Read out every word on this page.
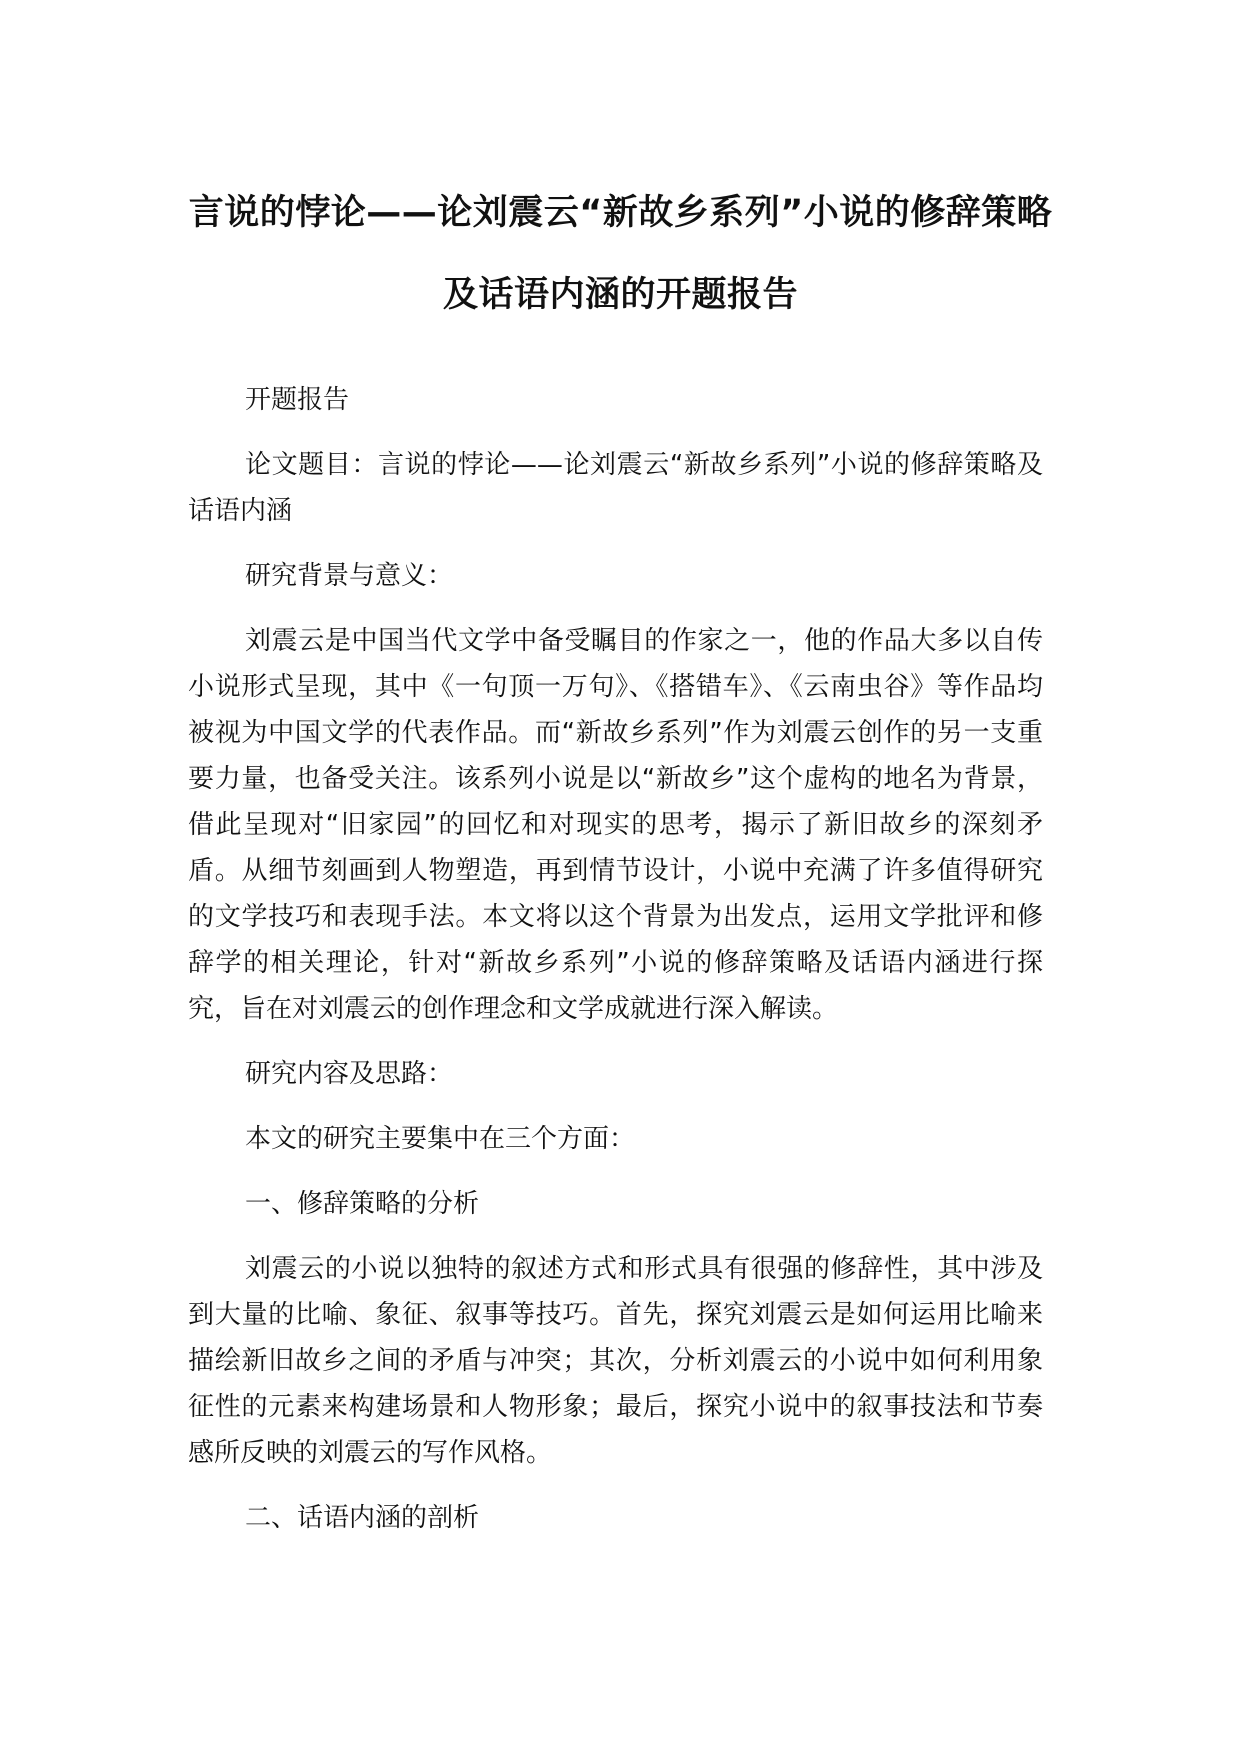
言说的悖论——论刘震云“新故乡系列”小说的修辞策略及话语内涵的开题报告

开题报告

论文题目：言说的悖论——论刘震云“新故乡系列”小说的修辞策略及话语内涵

研究背景与意义：

刘震云是中国当代文学中备受瞩目的作家之一，他的作品大多以自传小说形式呈现，其中《一句顶一万句》、《搭错车》、《云南虫谷》等作品均被视为中国文学的代表作品。而“新故乡系列”作为刘震云创作的另一支重要力量，也备受关注。该系列小说是以“新故乡”这个虚构的地名为背景，借此呈现对“旧家园”的回忆和对现实的思考，揭示了新旧故乡的深刻矛盾。从细节刻画到人物塑造，再到情节设计，小说中充满了许多值得研究的文学技巧和表现手法。本文将以这个背景为出发点，运用文学批评和修辞学的相关理论，针对“新故乡系列”小说的修辞策略及话语内涵进行探究，旨在对刘震云的创作理念和文学成就进行深入解读。

研究内容及思路：

本文的研究主要集中在三个方面：

一、修辞策略的分析

刘震云的小说以独特的叙述方式和形式具有很强的修辞性，其中涉及到大量的比喻、象征、叙事等技巧。首先，探究刘震云是如何运用比喻来描绘新旧故乡之间的矛盾与冲突；其次，分析刘震云的小说中如何利用象征性的元素来构建场景和人物形象；最后，探究小说中的叙事技法和节奏感所反映的刘震云的写作风格。

二、话语内涵的剖析
